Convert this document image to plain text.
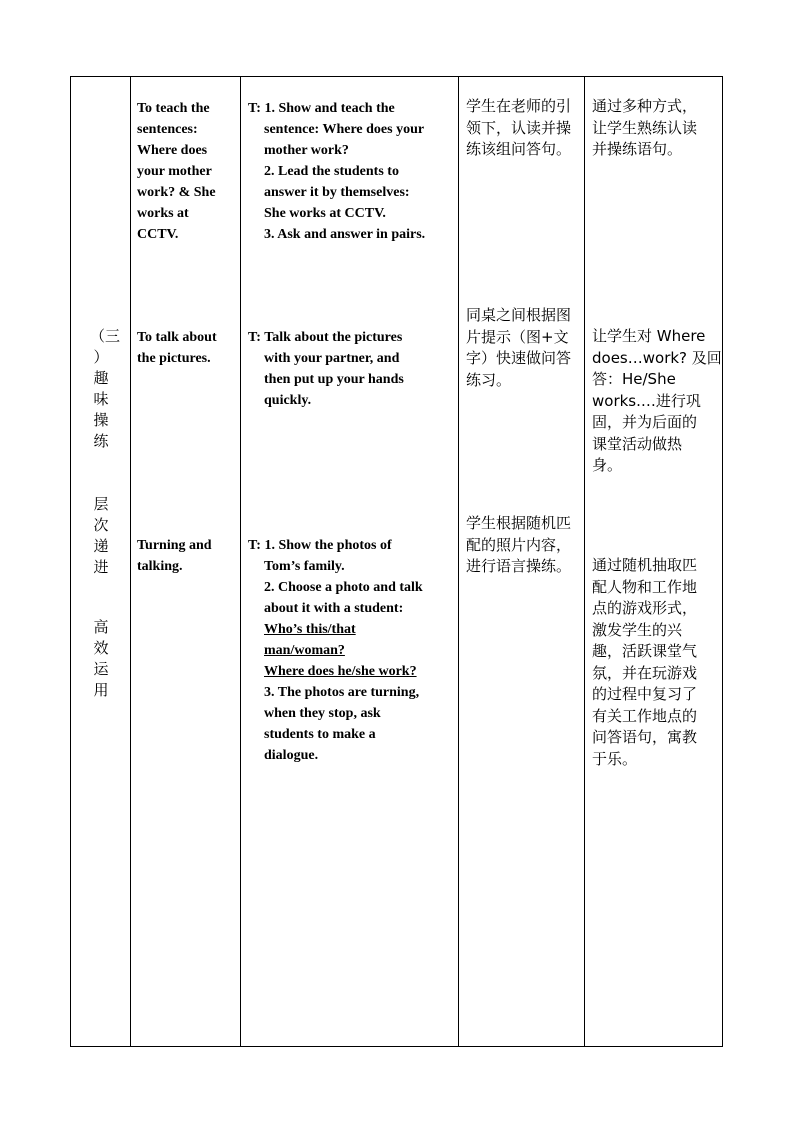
（三
）
趣
味
操
练
层
次
递
进
高
效
运
用
To teach the
sentences:
Where does
your mother
work? & She
works at
CCTV.
T: 1. Show and teach the
sentence: Where does your
mother work?
2. Lead the students to
answer it by themselves:
She works at CCTV.
3. Ask and answer in pairs.
学生在老师的引
领下，认读并操
练该组问答句。
通过多种方式，
让学生熟练认读
并操练语句。
To talk about
the pictures.
T: Talk about the pictures
with your partner, and
then put up your hands
quickly.
同桌之间根据图
片提示（图+文
字）快速做问答
练习。
让学生对 Where
does…work? 及回
答：He/She
works.…进行巩
固，并为后面的
课堂活动做热
身。
Turning and
talking.
T: 1. Show the photos of
Tom’s family.
2. Choose a photo and talk
about it with a student:
Who’s this/that
man/woman?
Where does he/she work?
3. The photos are turning,
when they stop, ask
students to make a
dialogue.
学生根据随机匹
配的照片内容，
进行语言操练。 通过随机抽取匹
配人物和工作地
点的游戏形式，
激发学生的兴
趣，活跃课堂气
氛，并在玩游戏
的过程中复习了
有关工作地点的
问答语句，寓教
于乐。
